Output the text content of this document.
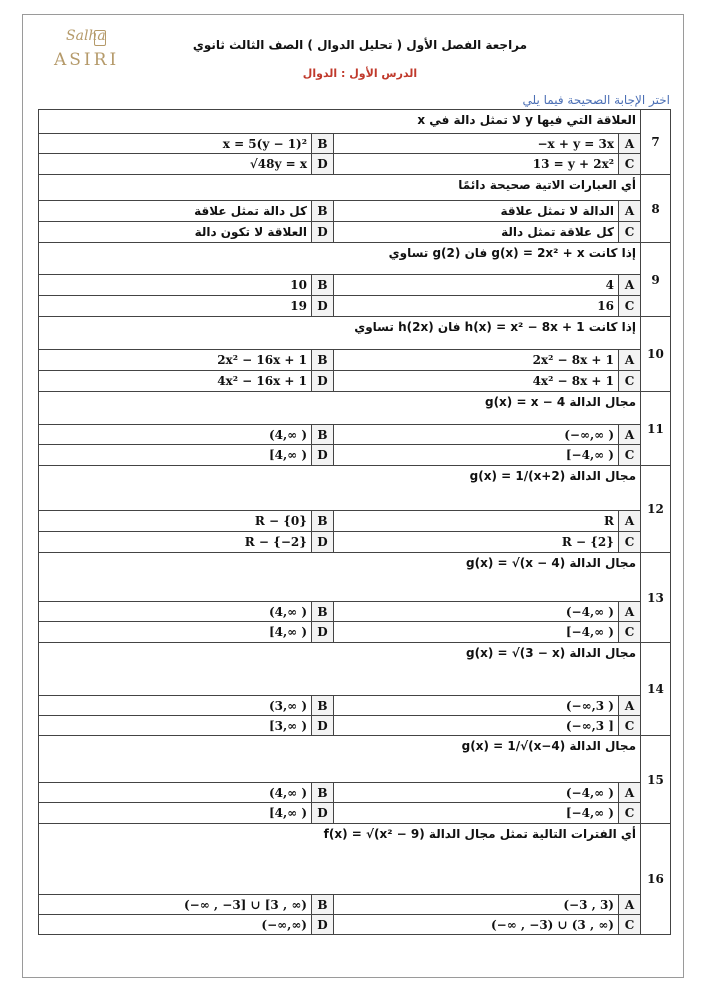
Salha
ASIRI
مراجعة الفصل الأول ( تحليل الدوال ) الصف الثالث ثانوي
الدرس الأول : الدوال
اختر الإجابة الصحيحة فيما يلي
العلاقة التي فيها y لا تمثل دالة في x				7
x = 5(y − 1)²	B	−x + y = 3x	A	
√48y = x	D	13 = y + 2x²	C	
أي العبارات الاتية صحيحة دائمًا				8
كل دالة تمثل علاقة	B	الدالة لا تمثل علاقة	A	
العلاقة لا تكون دالة	D	كل علاقة تمثل دالة	C	
إذا كانت g(x) = 2x² + x فان g(2) تساوي				9
10	B	4	A	
19	D	16	C	
إذا كانت h(x) = x² − 8x + 1 فان h(2x) تساوي				10
2x² − 16x + 1	B	2x² − 8x + 1	A	
4x² − 16x + 1	D	4x² − 8x + 1	C	
مجال الدالة g(x) = x − 4				11
(4,∞ )	B	(−∞,∞ )	A	
[4,∞ )	D	[−4,∞ )	C	
مجال الدالة g(x) = 1/(x+2)				12
R − {0}	B	R	A	
R − {−2}	D	R − {2}	C	
مجال الدالة g(x) = √(x − 4)				13
(4,∞ )	B	(−4,∞ )	A	
[4,∞ )	D	[−4,∞ )	C	
مجال الدالة g(x) = √(3 − x)				14
(3,∞ )	B	(−∞,3 )	A	
[3,∞ )	D	(−∞,3 ]	C	
مجال الدالة g(x) = 1/√(x−4)				15
(4,∞ )	B	(−4,∞ )	A	
[4,∞ )	D	[−4,∞ )	C	
أي الفترات التالية تمثل مجال الدالة f(x) = √(x² − 9)				16
(−∞ , −3] ∪ [3 , ∞)	B	(−3 , 3)	A	
(−∞,∞)	D	(−∞ , −3) ∪ (3 , ∞)	C	
